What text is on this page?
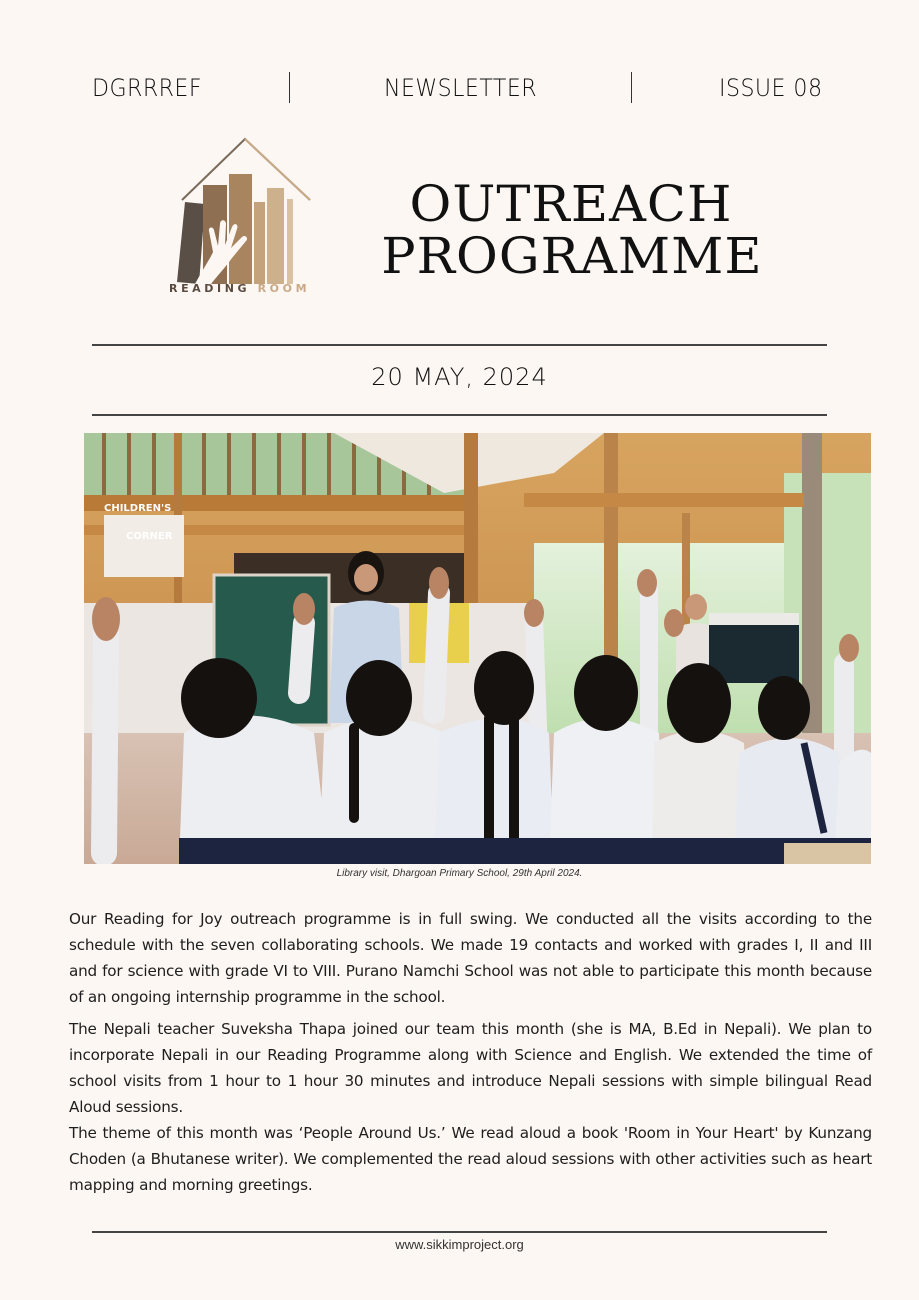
DGRRREF	NEWSLETTER	ISSUE 08
READING ROOM
OUTREACH
PROGRAMME
20 MAY, 2024
CHILDREN'S
CORNER
Library visit, Dhargoan Primary School, 29th April 2024.

Our Reading for Joy outreach programme is in full swing. We conducted all the visits according to the schedule with the seven collaborating schools. We made 19 contacts and worked with grades I, II and III and for science with grade VI to VIII. Purano Namchi School was not able to participate this month because of an ongoing internship programme in the school.

The Nepali teacher Suveksha Thapa joined our team this month (she is MA, B.Ed in Nepali). We plan to incorporate Nepali in our Reading Programme along with Science and English. We extended the time of school visits from 1 hour to 1 hour 30 minutes and introduce Nepali sessions with simple bilingual Read Aloud sessions.

The theme of this month was ‘People Around Us.’ We read aloud a book 'Room in Your Heart' by Kunzang Choden (a Bhutanese writer). We complemented the read aloud sessions with other activities such as heart mapping and morning greetings.

www.sikkimproject.org
